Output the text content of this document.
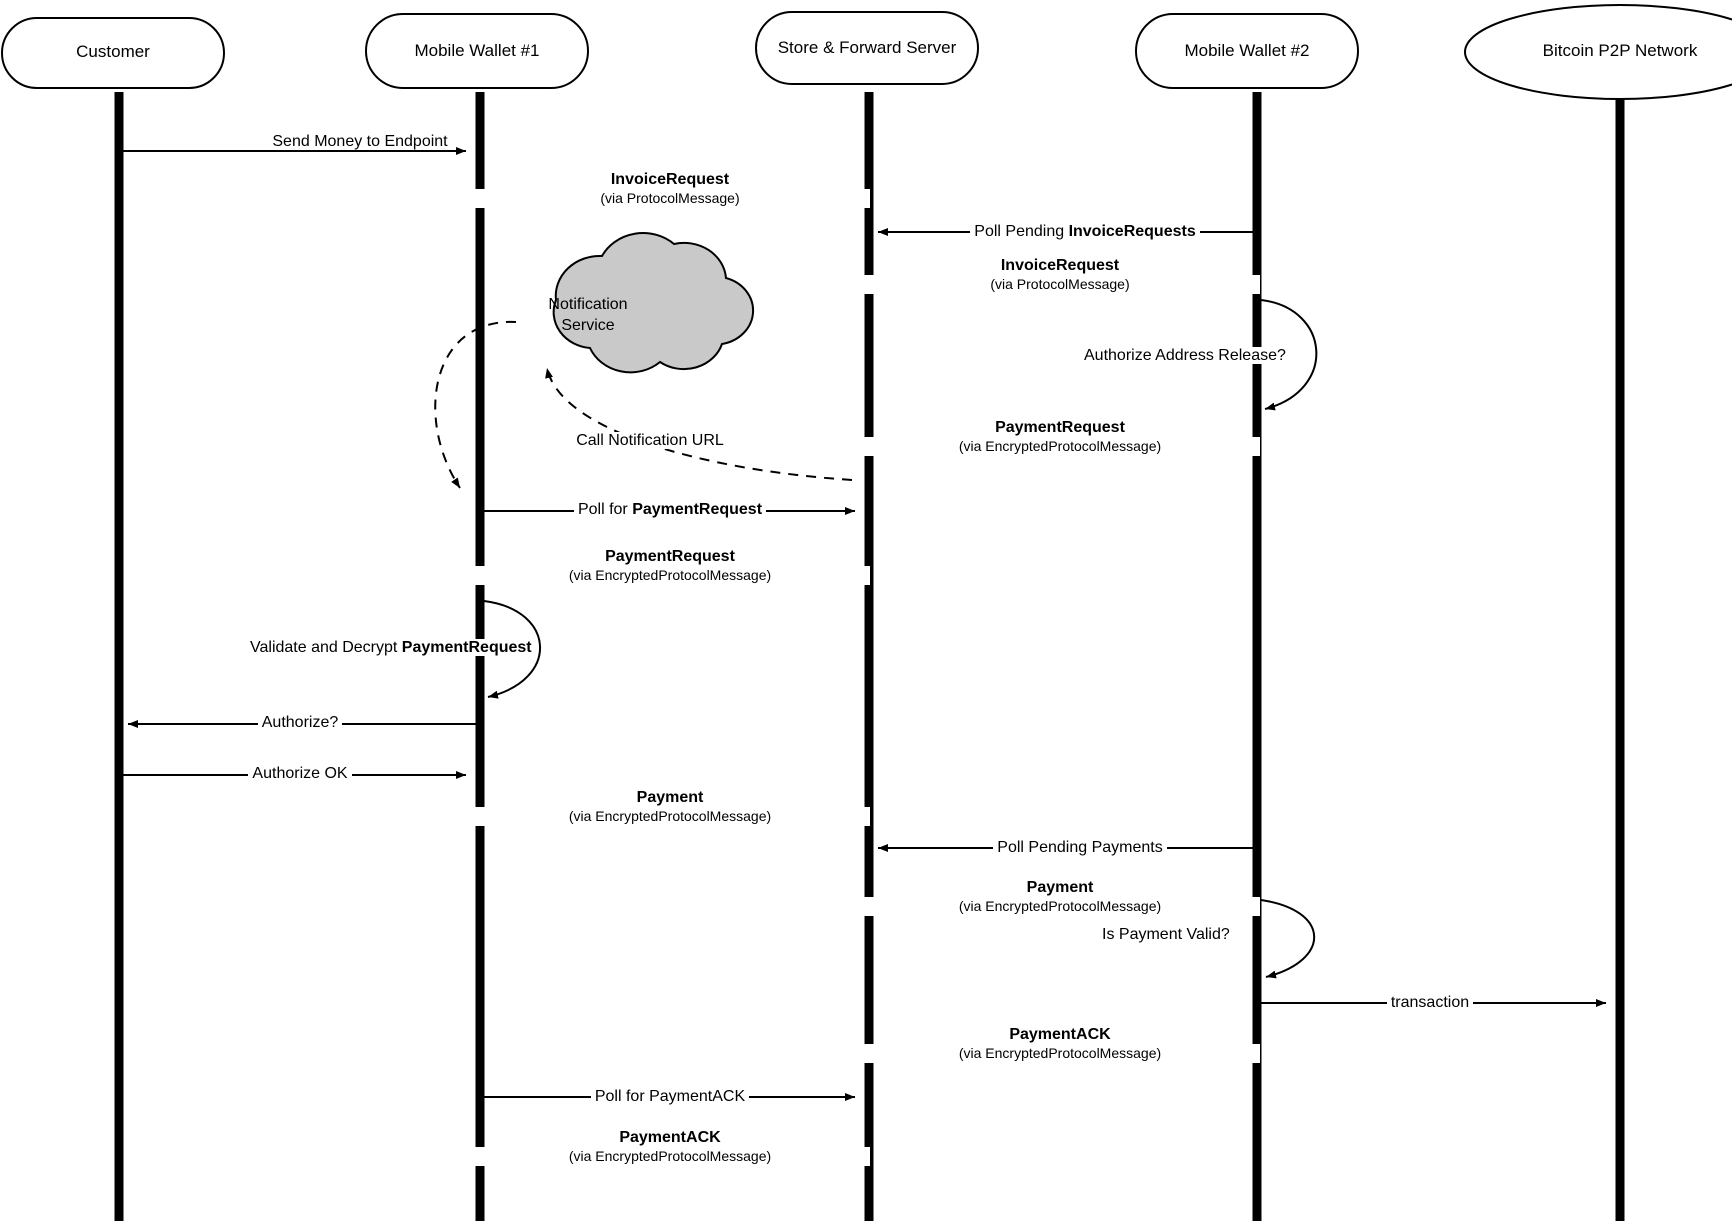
Customer	Mobile Wallet #1	Store & Forward Server	Mobile Wallet #2	Bitcoin P2P Network
Notification
Service
Send Money to Endpoint
InvoiceRequest
(via ProtocolMessage)
Poll Pending InvoiceRequests
InvoiceRequest
(via ProtocolMessage)
Authorize Address Release?
PaymentRequest
(via EncryptedProtocolMessage)
Call Notification URL
Poll for PaymentRequest
PaymentRequest
(via EncryptedProtocolMessage)
Validate and Decrypt PaymentRequest
Authorize?
Authorize OK
Payment
(via EncryptedProtocolMessage)
Poll Pending Payments
Payment
(via EncryptedProtocolMessage)
Is Payment Valid?
transaction
PaymentACK
(via EncryptedProtocolMessage)
Poll for PaymentACK
PaymentACK
(via EncryptedProtocolMessage)
